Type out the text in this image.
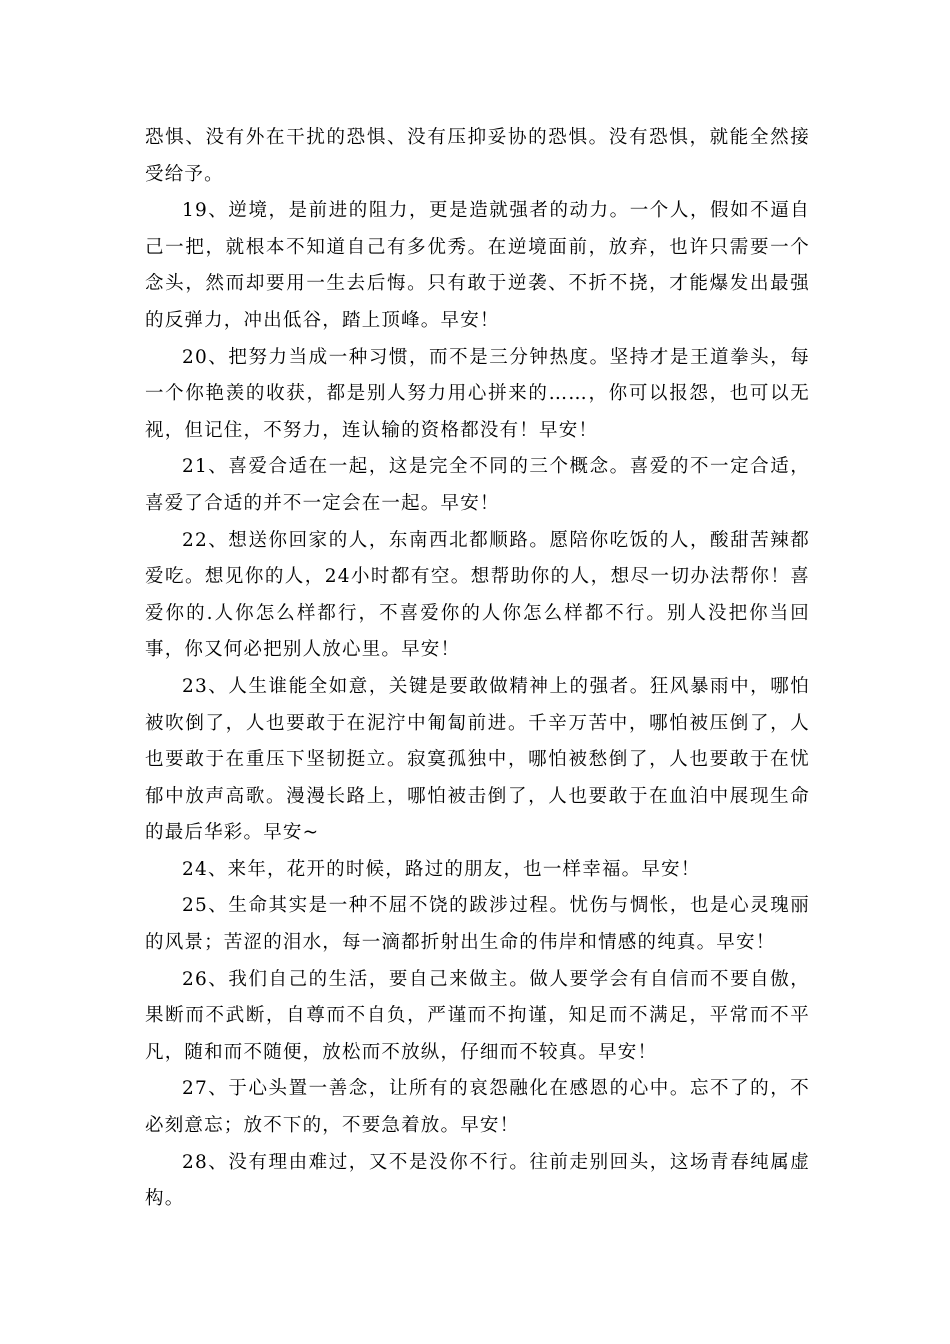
恐惧、没有外在干扰的恐惧、没有压抑妥协的恐惧。没有恐惧，就能全然接受给予。

19、逆境，是前进的阻力，更是造就强者的动力。一个人，假如不逼自己一把，就根本不知道自己有多优秀。在逆境面前，放弃，也许只需要一个念头，然而却要用一生去后悔。只有敢于逆袭、不折不挠，才能爆发出最强的反弹力，冲出低谷，踏上顶峰。早安！

20、把努力当成一种习惯，而不是三分钟热度。坚持才是王道拳头，每一个你艳羡的收获，都是别人努力用心拼来的……，你可以报怨，也可以无视，但记住，不努力，连认输的资格都没有！早安！

21、喜爱合适在一起，这是完全不同的三个概念。喜爱的不一定合适，喜爱了合适的并不一定会在一起。早安！

22、想送你回家的人，东南西北都顺路。愿陪你吃饭的人，酸甜苦辣都爱吃。想见你的人，24小时都有空。想帮助你的人，想尽一切办法帮你！喜爱你的.人你怎么样都行，不喜爱你的人你怎么样都不行。别人没把你当回事，你又何必把别人放心里。早安！

23、人生谁能全如意，关键是要敢做精神上的强者。狂风暴雨中，哪怕被吹倒了，人也要敢于在泥泞中匍匐前进。千辛万苦中，哪怕被压倒了，人也要敢于在重压下坚韧挺立。寂寞孤独中，哪怕被愁倒了，人也要敢于在忧郁中放声高歌。漫漫长路上，哪怕被击倒了，人也要敢于在血泊中展现生命的最后华彩。早安~

24、来年，花开的时候，路过的朋友，也一样幸福。早安！

25、生命其实是一种不屈不饶的跋涉过程。忧伤与惆怅，也是心灵瑰丽的风景；苦涩的泪水，每一滴都折射出生命的伟岸和情感的纯真。早安！

26、我们自己的生活，要自己来做主。做人要学会有自信而不要自傲，果断而不武断，自尊而不自负，严谨而不拘谨，知足而不满足，平常而不平凡，随和而不随便，放松而不放纵，仔细而不较真。早安！

27、于心头置一善念，让所有的哀怨融化在感恩的心中。忘不了的，不必刻意忘；放不下的，不要急着放。早安！

28、没有理由难过，又不是没你不行。往前走别回头，这场青春纯属虚构。
